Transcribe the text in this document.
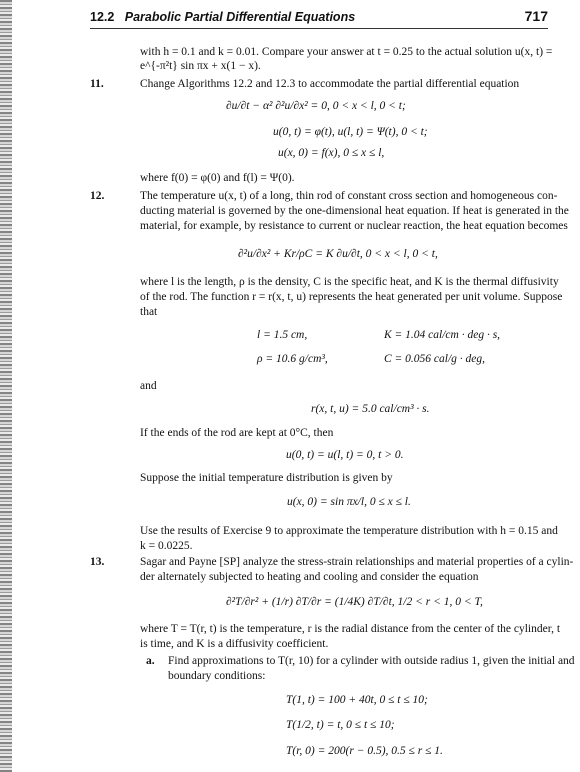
12.2 Parabolic Partial Differential Equations	717
with h = 0.1 and k = 0.01. Compare your answer at t = 0.25 to the actual solution u(x, t) =
e^{-π²t} sin πx + x(1 − x).
11.	Change Algorithms 12.2 and 12.3 to accommodate the partial differential equation
∂u/∂t − α² ∂²u/∂x² = 0, 0 < x < l, 0 < t;
u(0, t) = φ(t), u(l, t) = Ψ(t), 0 < t;
u(x, 0) = f(x), 0 ≤ x ≤ l,
where f(0) = φ(0) and f(l) = Ψ(0).
12.	The temperature u(x, t) of a long, thin rod of constant cross section and homogeneous con-
ducting material is governed by the one-dimensional heat equation. If heat is generated in the
material, for example, by resistance to current or nuclear reaction, the heat equation becomes
∂²u/∂x² + Kr/ρC = K ∂u/∂t, 0 < x < l, 0 < t,
where l is the length, ρ is the density, C is the specific heat, and K is the thermal diffusivity
of the rod. The function r = r(x, t, u) represents the heat generated per unit volume. Suppose
that
l = 1.5 cm,	K = 1.04 cal/cm · deg · s,
ρ = 10.6 g/cm³,	C = 0.056 cal/g · deg,
and
r(x, t, u) = 5.0 cal/cm³ · s.
If the ends of the rod are kept at 0°C, then
u(0, t) = u(l, t) = 0, t > 0.
Suppose the initial temperature distribution is given by
u(x, 0) = sin πx/l, 0 ≤ x ≤ l.
Use the results of Exercise 9 to approximate the temperature distribution with h = 0.15 and
k = 0.0225.
13.	Sagar and Payne [SP] analyze the stress-strain relationships and material properties of a cylin-
der alternately subjected to heating and cooling and consider the equation
∂²T/∂r² + (1/r) ∂T/∂r = (1/4K) ∂T/∂t, 1/2 < r < 1, 0 < T,
where T = T(r, t) is the temperature, r is the radial distance from the center of the cylinder, t
is time, and K is a diffusivity coefficient.
a. Find approximations to T(r, 10) for a cylinder with outside radius 1, given the initial and
boundary conditions:
T(1, t) = 100 + 40t, 0 ≤ t ≤ 10;
T(1/2, t) = t, 0 ≤ t ≤ 10;
T(r, 0) = 200(r − 0.5), 0.5 ≤ r ≤ 1.
